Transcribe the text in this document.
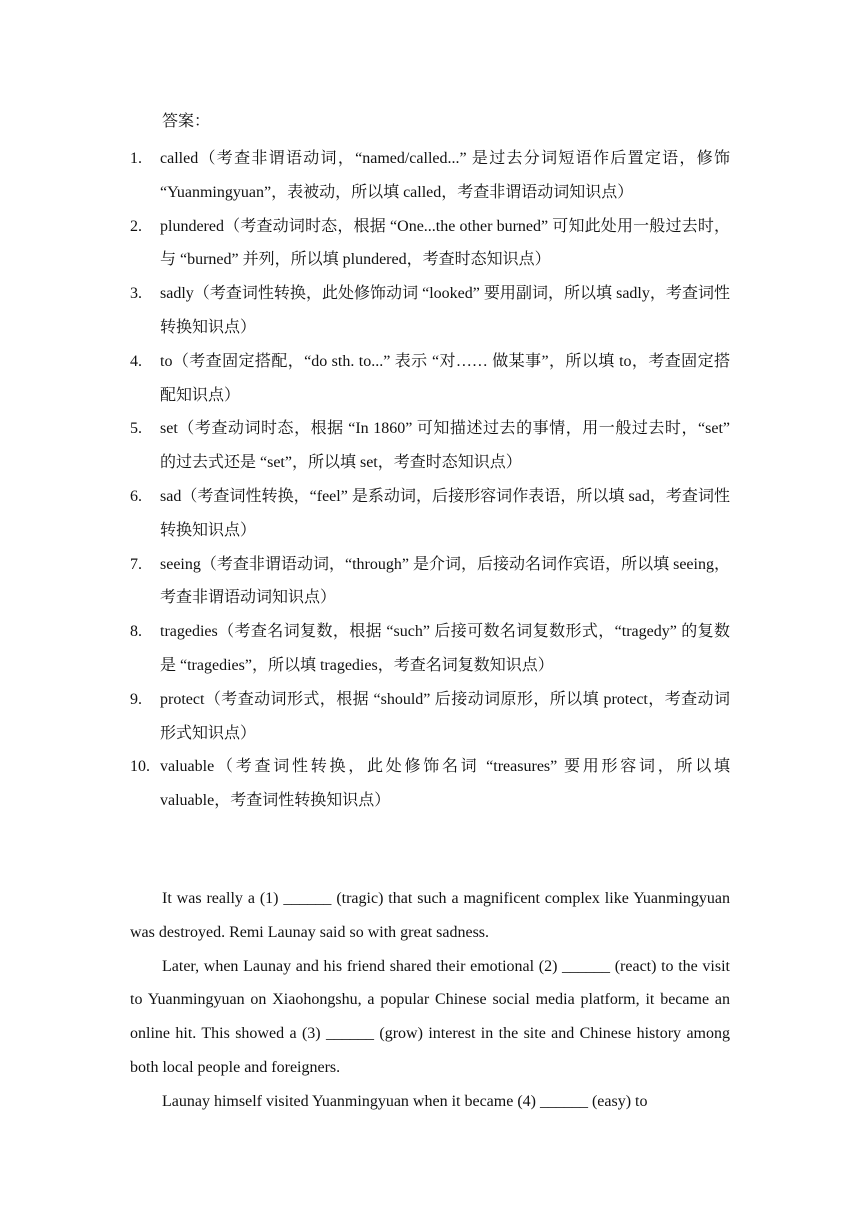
答案：
1. called（考查非谓语动词，“named/called...” 是过去分词短语作后置定语，修饰 “Yuanmingyuan”，表被动，所以填 called，考查非谓语动词知识点）
2. plundered（考查动词时态，根据 “One...the other burned” 可知此处用一般过去时，与 “burned” 并列，所以填 plundered，考查时态知识点）
3. sadly（考查词性转换，此处修饰动词 “looked” 要用副词，所以填 sadly，考查词性转换知识点）
4. to（考查固定搭配，“do sth. to...” 表示 “对…… 做某事”，所以填 to，考查固定搭配知识点）
5. set（考查动词时态，根据 “In 1860” 可知描述过去的事情，用一般过去时，“set” 的过去式还是 “set”，所以填 set，考查时态知识点）
6. sad（考查词性转换，“feel” 是系动词，后接形容词作表语，所以填 sad，考查词性转换知识点）
7. seeing（考查非谓语动词，“through” 是介词，后接动名词作宾语，所以填 seeing，考查非谓语动词知识点）
8. tragedies（考查名词复数，根据 “such” 后接可数名词复数形式，“tragedy” 的复数是 “tragedies”，所以填 tragedies，考查名词复数知识点）
9. protect（考查动词形式，根据 “should” 后接动词原形，所以填 protect，考查动词形式知识点）
10. valuable（考查词性转换，此处修饰名词 “treasures” 要用形容词，所以填 valuable，考查词性转换知识点）

It was really a (1) ______ (tragic) that such a magnificent complex like Yuanmingyuan was destroyed. Remi Launay said so with great sadness.

Later, when Launay and his friend shared their emotional (2) ______ (react) to the visit to Yuanmingyuan on Xiaohongshu, a popular Chinese social media platform, it became an online hit. This showed a (3) ______ (grow) interest in the site and Chinese history among both local people and foreigners.

Launay himself visited Yuanmingyuan when it became (4) ______ (easy) to
